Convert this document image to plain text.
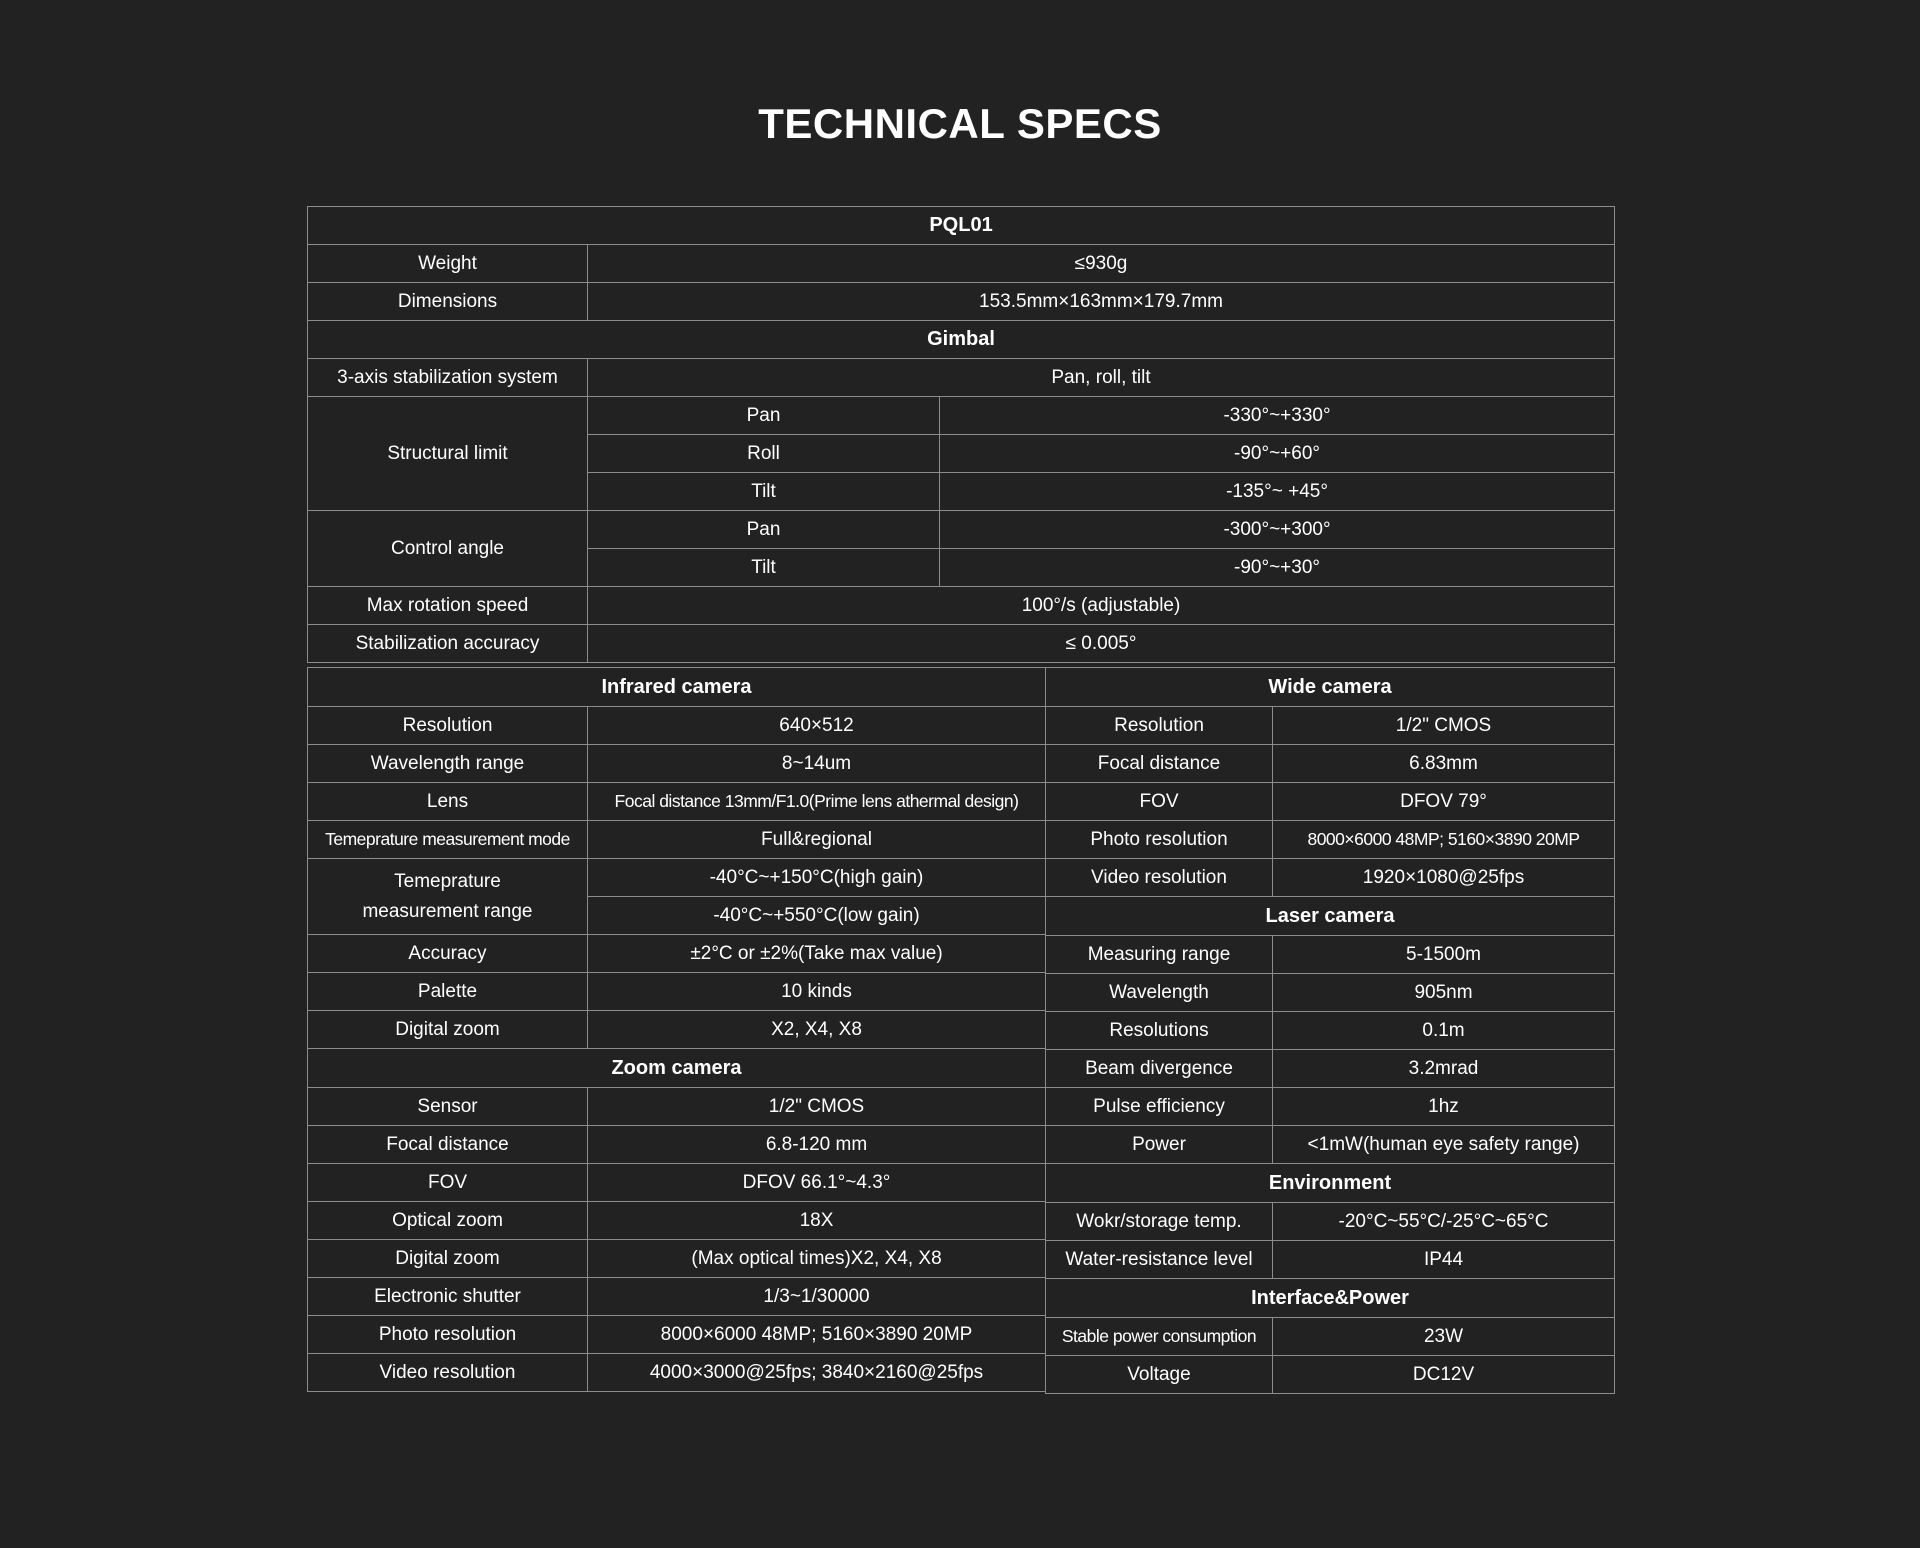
TECHNICAL SPECS
PQL01		
Weight	≤930g	
Dimensions	153.5mm×163mm×179.7mm	
Gimbal		
3-axis stabilization system	Pan, roll, tilt	
Structural limit	Pan	-330°~+330°
	Roll	-90°~+60°
	Tilt	-135°~ +45°
Control angle	Pan	-300°~+300°
	Tilt	-90°~+30°
Max rotation speed	100°/s (adjustable)	
Stabilization accuracy	≤ 0.005°	
Infrared camera	
Resolution	640×512
Wavelength range	8~14um
Lens	Focal distance 13mm/F1.0(Prime lens athermal design)
Temeprature measurement mode	Full&regional

Temeprature
measurement range	-40°C~+150°C(high gain)
	-40°C~+550°C(low gain)
Accuracy	±2°C or ±2%(Take max value)
Palette	10 kinds
Digital zoom	X2, X4, X8
Zoom camera	
Sensor	1/2" CMOS
Focal distance	6.8-120 mm
FOV	DFOV 66.1°~4.3°
Optical zoom	18X
Digital zoom	(Max optical times)X2, X4, X8
Electronic shutter	1/3~1/30000
Photo resolution	8000×6000 48MP; 5160×3890 20MP
Video resolution	4000×3000@25fps; 3840×2160@25fps
Wide camera	
Resolution	1/2" CMOS
Focal distance	6.83mm
FOV	DFOV 79°
Photo resolution	8000×6000 48MP; 5160×3890 20MP
Video resolution	1920×1080@25fps
Laser camera	
Measuring range	5-1500m
Wavelength	905nm
Resolutions	0.1m
Beam divergence	3.2mrad
Pulse efficiency	1hz
Power	<1mW(human eye safety range)
Environment	
Wokr/storage temp.	-20°C~55°C/-25°C~65°C
Water-resistance level	IP44
Interface&Power	
Stable power consumption	23W
Voltage	DC12V
